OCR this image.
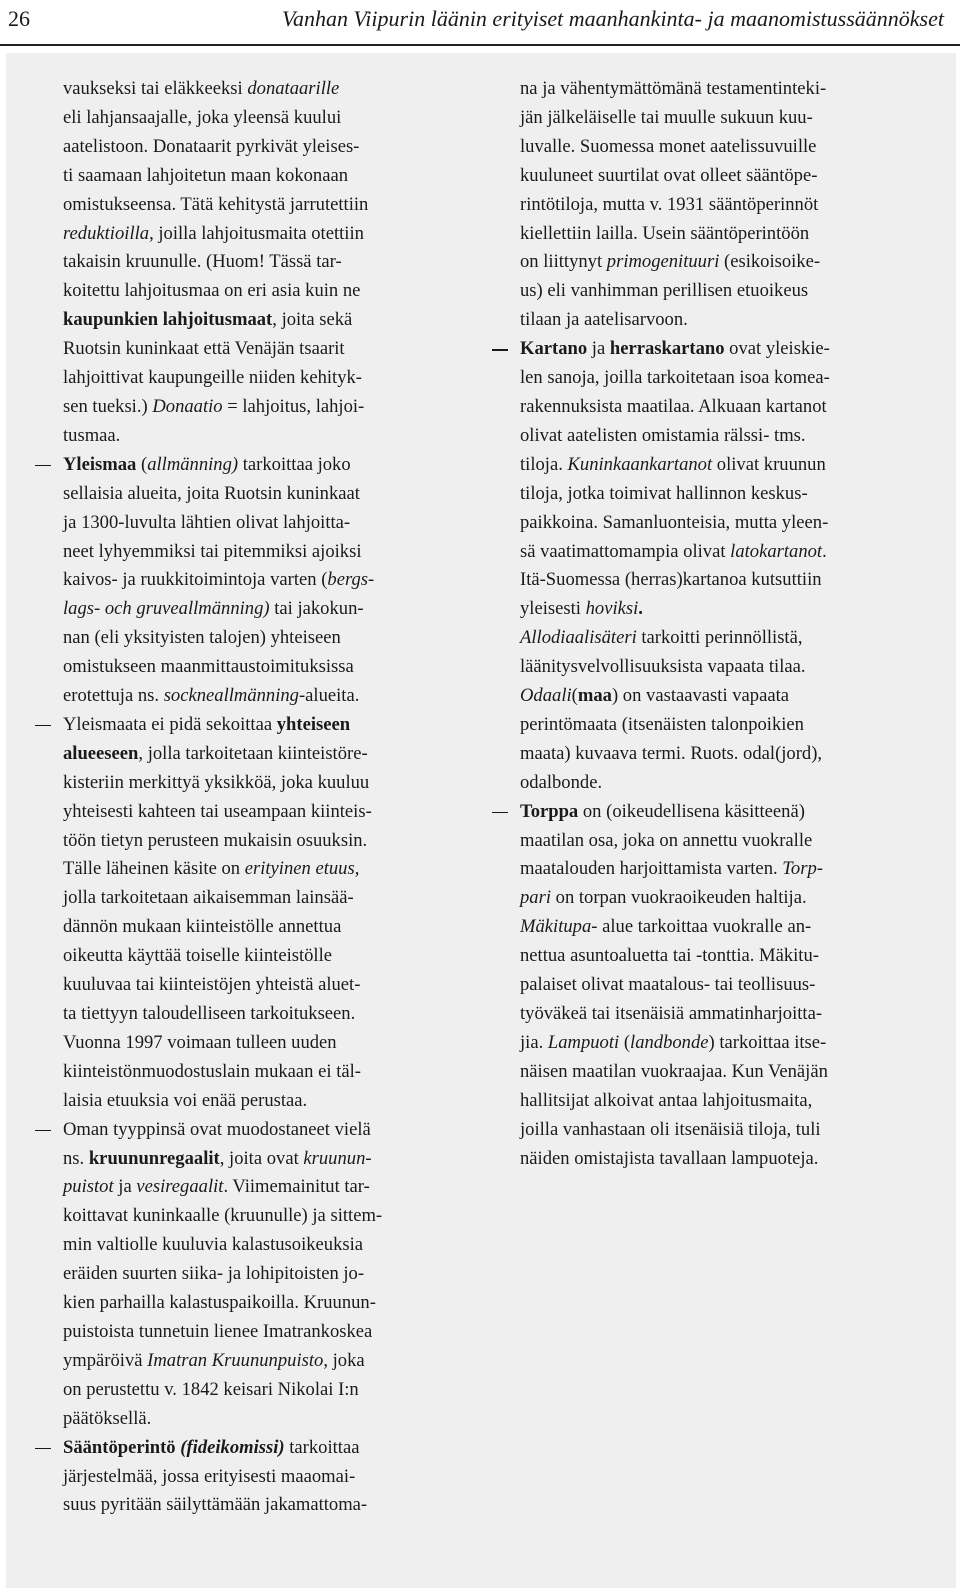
26	Vanhan Viipurin läänin erityiset maanhankinta- ja maanomistussäännökset
vaukseksi tai eläkkeeksi donataarille
eli lahjansaajalle, joka yleensä kuului
aatelistoon. Donataarit pyrkivät yleises-
ti saamaan lahjoitetun maan kokonaan
omistukseensa. Tätä kehitystä jarrutettiin
reduktioilla, joilla lahjoitusmaita otettiin
takaisin kruunulle. (Huom! Tässä tar-
koitettu lahjoitusmaa on eri asia kuin ne
kaupunkien lahjoitusmaat, joita sekä
Ruotsin kuninkaat että Venäjän tsaarit
lahjoittivat kaupungeille niiden kehityk-
sen tueksi.) Donaatio = lahjoitus, lahjoi-
tusmaa.
Yleismaa (allmänning) tarkoittaa joko
sellaisia alueita, joita Ruotsin kuninkaat
ja 1300-luvulta lähtien olivat lahjoitta-
neet lyhyemmiksi tai pitemmiksi ajoiksi
kaivos- ja ruukkitoimintoja varten (bergs-
lags- och gruveallmänning) tai jakokun-
nan (eli yksityisten talojen) yhteiseen
omistukseen maanmittaustoimituksissa
erotettuja ns. sockneallmänning-alueita.
Yleismaata ei pidä sekoittaa yhteiseen
alueeseen, jolla tarkoitetaan kiinteistöre-
kisteriin merkittyä yksikköä, joka kuuluu
yhteisesti kahteen tai useampaan kiinteis-
töön tietyn perusteen mukaisin osuuksin.
Tälle läheinen käsite on erityinen etuus,
jolla tarkoitetaan aikaisemman lainsää-
dännön mukaan kiinteistölle annettua
oikeutta käyttää toiselle kiinteistölle
kuuluvaa tai kiinteistöjen yhteistä aluet-
ta tiettyyn taloudelliseen tarkoitukseen.
Vuonna 1997 voimaan tulleen uuden
kiinteistönmuodostuslain mukaan ei täl-
laisia etuuksia voi enää perustaa.
Oman tyyppinsä ovat muodostaneet vielä
ns. kruununregaalit, joita ovat kruunun-
puistot ja vesiregaalit. Viimemainitut tar-
koittavat kuninkaalle (kruunulle) ja sittem-
min valtiolle kuuluvia kalastusoikeuksia
eräiden suurten siika- ja lohipitoisten jo-
kien parhailla kalastuspaikoilla. Kruunun-
puistoista tunnetuin lienee Imatrankoskea
ympäröivä Imatran Kruununpuisto, joka
on perustettu v. 1842 keisari Nikolai I:n
päätöksellä.
Sääntöperintö (fideikomissi) tarkoittaa
järjestelmää, jossa erityisesti maaomai-
suus pyritään säilyttämään jakamattoma-
na ja vähentymättömänä testamentinteki-
jän jälkeläiselle tai muulle sukuun kuu-
luvalle. Suomessa monet aatelissuvuille
kuuluneet suurtilat ovat olleet sääntöpe-
rintötiloja, mutta v. 1931 sääntöperinnöt
kiellettiin lailla. Usein sääntöperintöön
on liittynyt primogenituuri (esikoisoike-
us) eli vanhimman perillisen etuoikeus
tilaan ja aatelisarvoon.
Kartano ja herraskartano ovat yleiskie-
len sanoja, joilla tarkoitetaan isoa komea-
rakennuksista maatilaa. Alkuaan kartanot
olivat aatelisten omistamia rälssi- tms.
tiloja. Kuninkaankartanot olivat kruunun
tiloja, jotka toimivat hallinnon keskus-
paikkoina. Samanluonteisia, mutta yleen-
sä vaatimattomampia olivat latokartanot.
Itä-Suomessa (herras)kartanoa kutsuttiin
yleisesti hoviksi.
Allodiaalisäteri tarkoitti perinnöllistä,
läänitysvelvollisuuksista vapaata tilaa.
Odaali(maa) on vastaavasti vapaata
perintömaata (itsenäisten talonpoikien
maata) kuvaava termi. Ruots. odal(jord),
odalbonde.
Torppa on (oikeudellisena käsitteenä)
maatilan osa, joka on annettu vuokralle
maatalouden harjoittamista varten. Torp-
pari on torpan vuokraoikeuden haltija.
Mäkitupa- alue tarkoittaa vuokralle an-
nettua asuntoaluetta tai -tonttia. Mäkitu-
palaiset olivat maatalous- tai teollisuus-
työväkeä tai itsenäisiä ammatinharjoitta-
jia. Lampuoti (landbonde) tarkoittaa itse-
näisen maatilan vuokraajaa. Kun Venäjän
hallitsijat alkoivat antaa lahjoitusmaita,
joilla vanhastaan oli itsenäisiä tiloja, tuli
näiden omistajista tavallaan lampuoteja.
